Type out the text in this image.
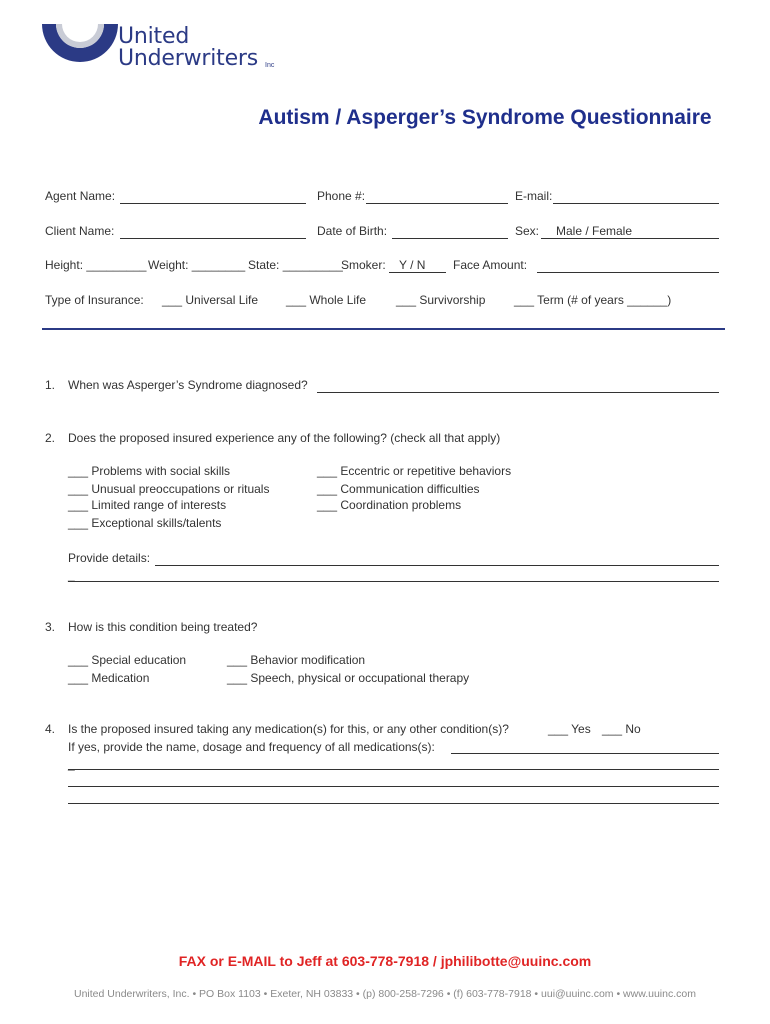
United
Underwriters Inc
Autism / Asperger’s Syndrome Questionnaire
Agent Name:	Phone #:	E-mail:
Client Name:	Date of Birth:	Sex: Male / Female
Height: _________ Weight: ________ State: _________
Smoker: Y / N Face Amount:
Type of Insurance: ___ Universal Life ___ Whole Life ___ Survivorship ___ Term (# of years ______)
1. When was Asperger’s Syndrome diagnosed?
2. Does the proposed insured experience any of the following? (check all that apply)
___ Problems with social skills
___ Unusual preoccupations or rituals
___ Limited range of interests
___ Exceptional skills/talents
___ Eccentric or repetitive behaviors
___ Communication difficulties
___ Coordination problems
Provide details:
_
3. How is this condition being treated?
___ Special education
___ Medication
___ Behavior modification
___ Speech, physical or occupational therapy
4. Is the proposed insured taking any medication(s) for this, or any other condition(s)?	___ Yes ___ No
If yes, provide the name, dosage and frequency of all medications(s):
_
FAX or E-MAIL to Jeff at 603-778-7918 / jphilibotte@uuinc.com
United Underwriters, Inc. • PO Box 1103 • Exeter, NH 03833 • (p) 800-258-7296 • (f) 603-778-7918 • uui@uuinc.com • www.uuinc.com
